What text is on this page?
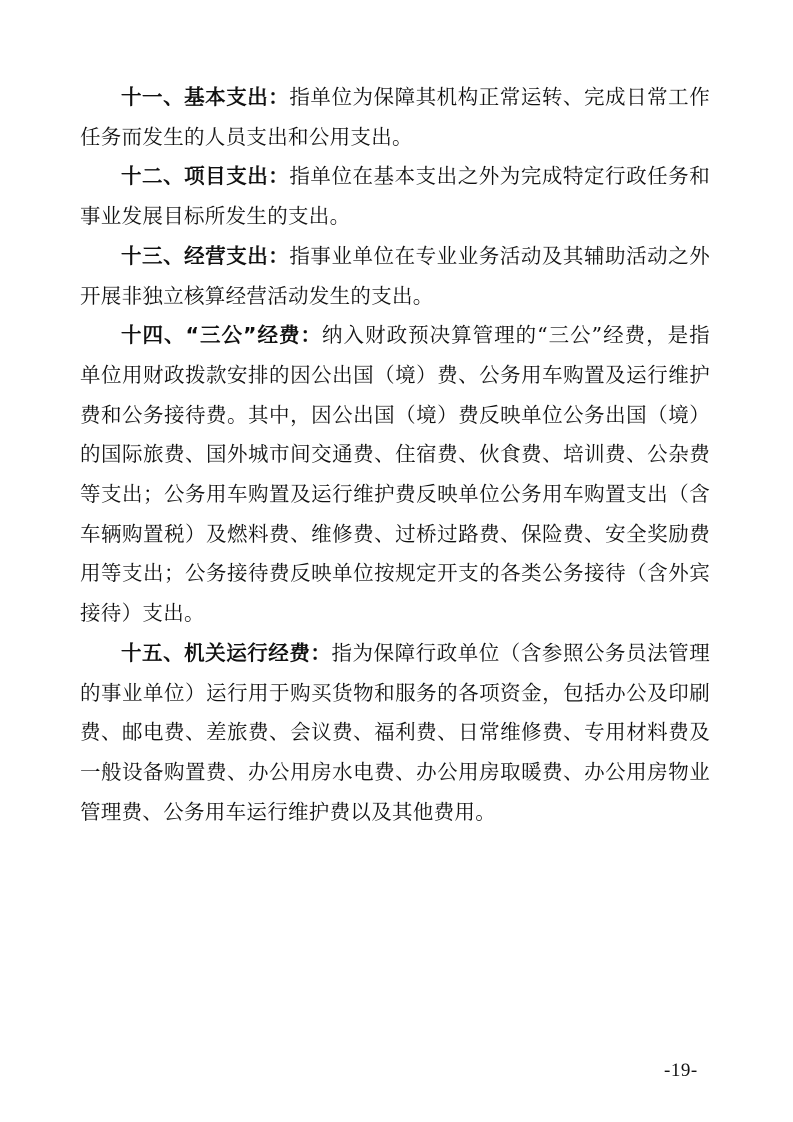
十一、基本支出：指单位为保障其机构正常运转、完成日常工作任务而发生的人员支出和公用支出。

十二、项目支出：指单位在基本支出之外为完成特定行政任务和事业发展目标所发生的支出。

十三、经营支出：指事业单位在专业业务活动及其辅助活动之外开展非独立核算经营活动发生的支出。

十四、“三公”经费：纳入财政预决算管理的“三公”经费，是指单位用财政拨款安排的因公出国（境）费、公务用车购置及运行维护费和公务接待费。其中，因公出国（境）费反映单位公务出国（境）的国际旅费、国外城市间交通费、住宿费、伙食费、培训费、公杂费等支出；公务用车购置及运行维护费反映单位公务用车购置支出（含车辆购置税）及燃料费、维修费、过桥过路费、保险费、安全奖励费用等支出；公务接待费反映单位按规定开支的各类公务接待（含外宾接待）支出。

十五、机关运行经费：指为保障行政单位（含参照公务员法管理的事业单位）运行用于购买货物和服务的各项资金，包括办公及印刷费、邮电费、差旅费、会议费、福利费、日常维修费、专用材料费及一般设备购置费、办公用房水电费、办公用房取暖费、办公用房物业管理费、公务用车运行维护费以及其他费用。

-19-
